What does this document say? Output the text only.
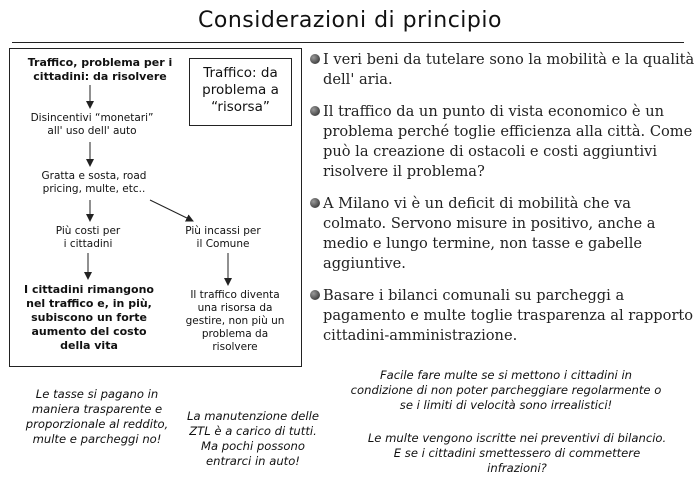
Considerazioni di principio
Traffico: da
problema a
“risorsa”
Traffico, problema per i
cittadini: da risolvere
Disincentivi “monetari”
all' uso dell' auto
Gratta e sosta, road
pricing, multe, etc..
Più costi per
i cittadini
Più incassi per
il Comune
I cittadini rimangono
nel traffico e, in più,
subiscono un forte
aumento del costo
della vita
Il traffico diventa
una risorsa da
gestire, non più un
problema da
risolvere
I veri beni da tutelare sono la mobilità e la qualità dell' aria.
Il traffico da un punto di vista economico è un problema perché toglie efficienza alla città. Come può la creazione di ostacoli e costi aggiuntivi risolvere il problema?
A Milano vi è un deficit di mobilità che va colmato. Servono misure in positivo, anche a medio e lungo termine, non tasse e gabelle aggiuntive.
Basare i bilanci comunali su parcheggi a pagamento e multe toglie trasparenza al rapporto cittadini-amministrazione.
Le tasse si pagano in
maniera trasparente e
proporzionale al reddito,
multe e parcheggi no!
La manutenzione delle
ZTL è a carico di tutti.
Ma pochi possono
entrarci in auto!
Facile fare multe se si mettono i cittadini in
condizione di non poter parcheggiare regolarmente o
se i limiti di velocità sono irrealistici!
Le multe vengono iscritte nei preventivi di bilancio.
E se i cittadini smettessero di commettere
infrazioni?
